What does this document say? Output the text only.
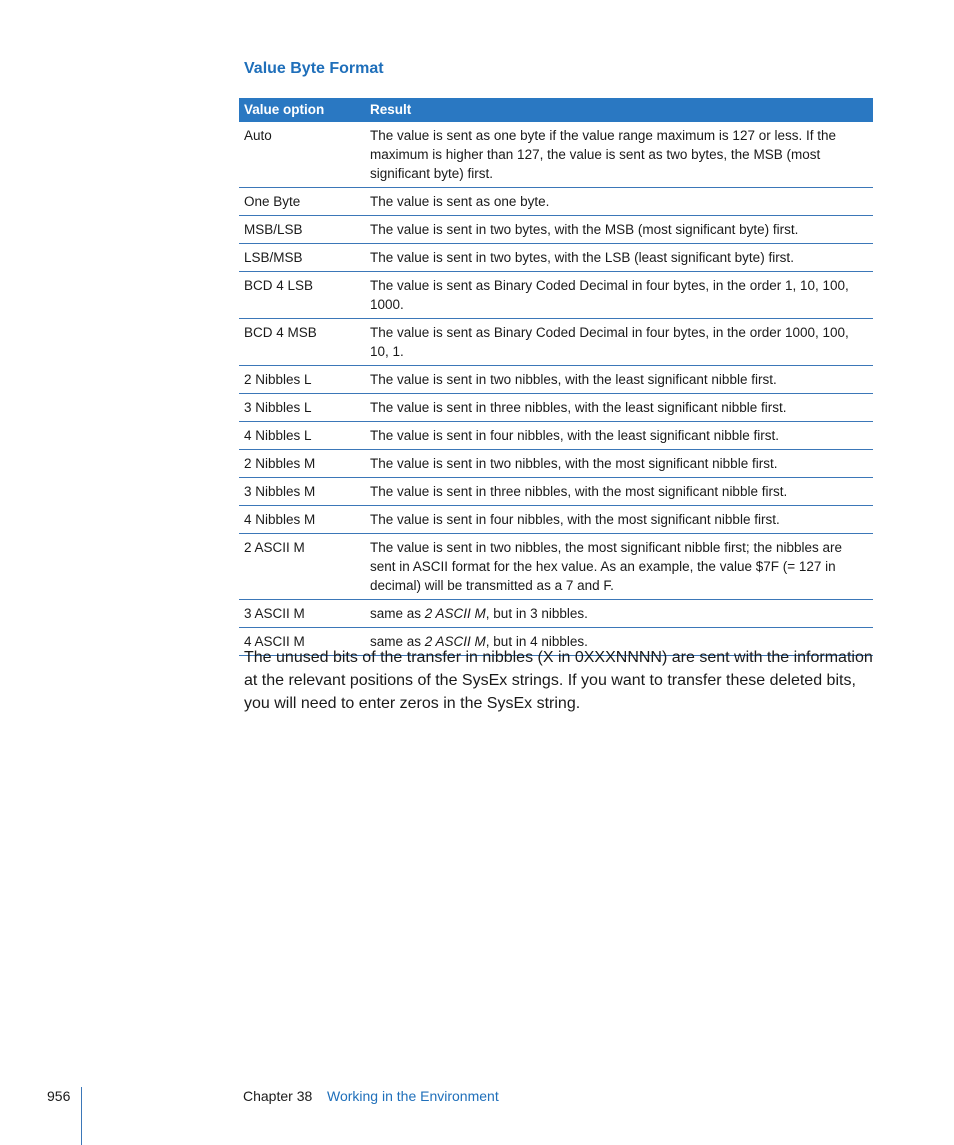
Value Byte Format
Value option	Result
Auto	The value is sent as one byte if the value range maximum is 127 or less. If the maximum is higher than 127, the value is sent as two bytes, the MSB (most significant byte) first.
One Byte	The value is sent as one byte.
MSB/LSB	The value is sent in two bytes, with the MSB (most significant byte) first.
LSB/MSB	The value is sent in two bytes, with the LSB (least significant byte) first.
BCD 4 LSB	The value is sent as Binary Coded Decimal in four bytes, in the order 1, 10, 100, 1000.
BCD 4 MSB	The value is sent as Binary Coded Decimal in four bytes, in the order 1000, 100, 10, 1.
2 Nibbles L	The value is sent in two nibbles, with the least significant nibble first.
3 Nibbles L	The value is sent in three nibbles, with the least significant nibble first.
4 Nibbles L	The value is sent in four nibbles, with the least significant nibble first.
2 Nibbles M	The value is sent in two nibbles, with the most significant nibble first.
3 Nibbles M	The value is sent in three nibbles, with the most significant nibble first.
4 Nibbles M	The value is sent in four nibbles, with the most significant nibble first.
2 ASCII M	The value is sent in two nibbles, the most significant nibble first; the nibbles are sent in ASCII format for the hex value. As an example, the value $7F (= 127 in decimal) will be transmitted as a 7 and F.
3 ASCII M	same as 2 ASCII M, but in 3 nibbles.
4 ASCII M	same as 2 ASCII M, but in 4 nibbles.

The unused bits of the transfer in nibbles (X in 0XXXNNNN) are sent with the information at the relevant positions of the SysEx strings. If you want to transfer these deleted bits, you will need to enter zeros in the SysEx string.

956	Chapter 38 Working in the Environment
